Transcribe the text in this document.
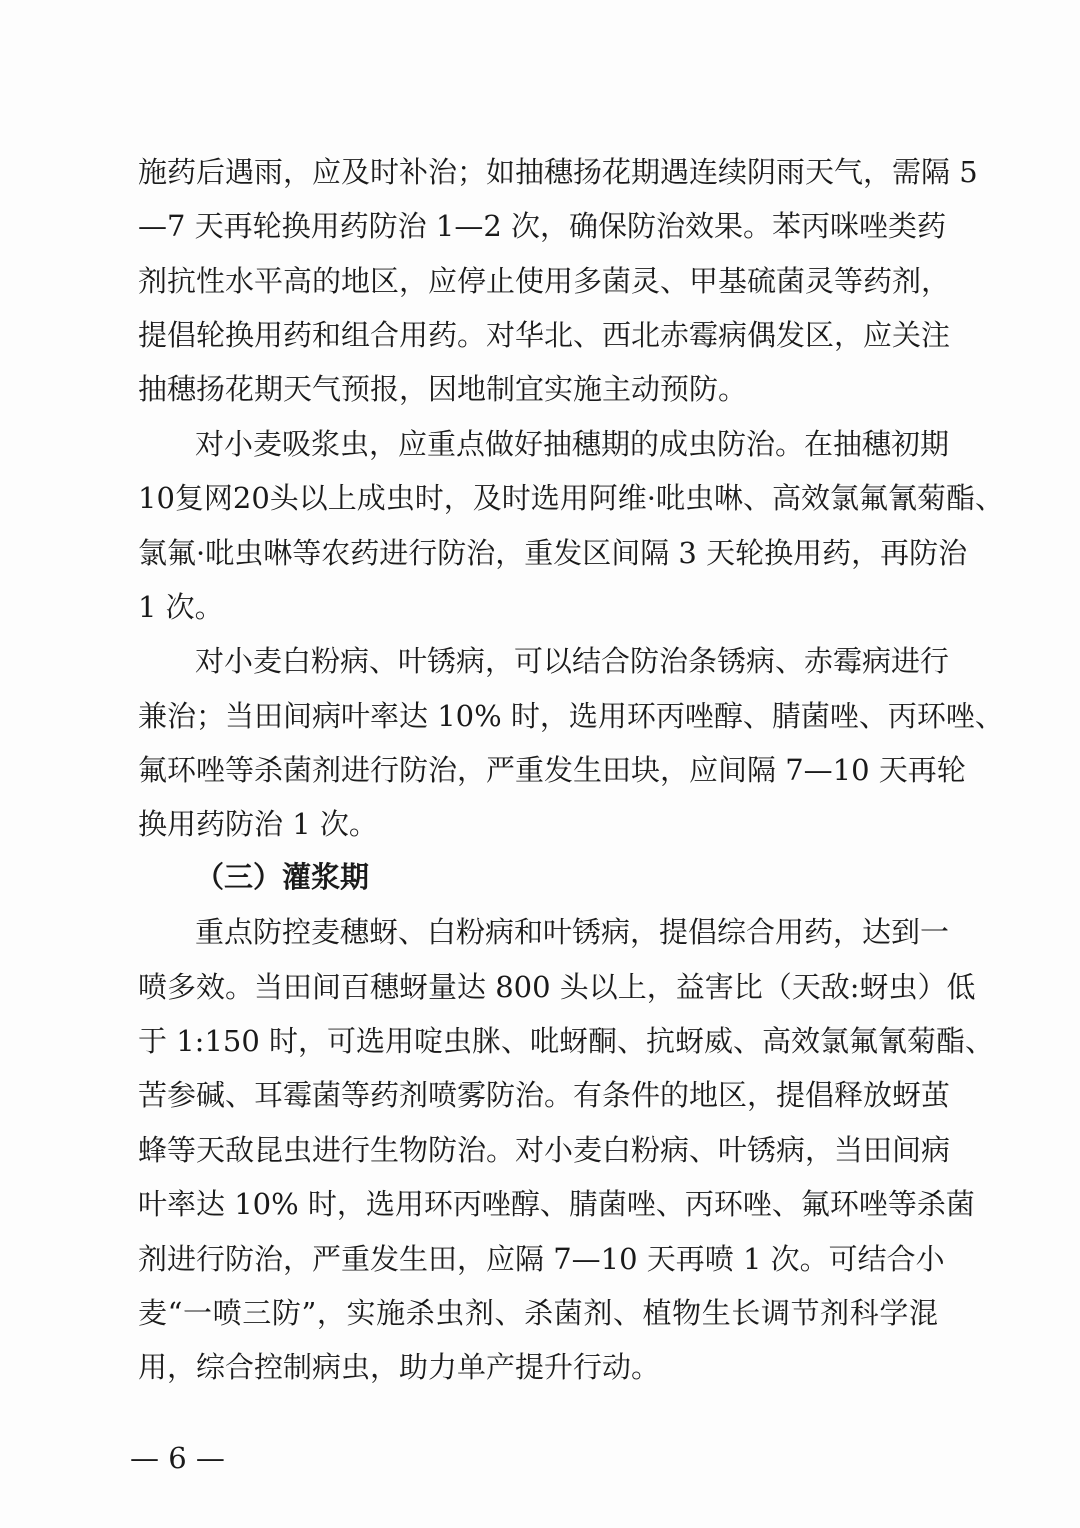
施药后遇雨，应及时补治；如抽穗扬花期遇连续阴雨天气，需隔 5
—7 天再轮换用药防治 1—2 次，确保防治效果。苯丙咪唑类药
剂抗性水平高的地区，应停止使用多菌灵、甲基硫菌灵等药剂，
提倡轮换用药和组合用药。对华北、西北赤霉病偶发区，应关注
抽穗扬花期天气预报，因地制宜实施主动预防。
对小麦吸浆虫，应重点做好抽穗期的成虫防治。在抽穗初期
10复网20头以上成虫时，及时选用阿维·吡虫啉、高效氯氟氰菊酯、
氯氟·吡虫啉等农药进行防治，重发区间隔 3 天轮换用药，再防治
1 次。
对小麦白粉病、叶锈病，可以结合防治条锈病、赤霉病进行
兼治；当田间病叶率达 10% 时，选用环丙唑醇、腈菌唑、丙环唑、
氟环唑等杀菌剂进行防治，严重发生田块，应间隔 7—10 天再轮
换用药防治 1 次。
（三）灌浆期
重点防控麦穗蚜、白粉病和叶锈病，提倡综合用药，达到一
喷多效。当田间百穗蚜量达 800 头以上，益害比（天敌:蚜虫）低
于 1:150 时，可选用啶虫脒、吡蚜酮、抗蚜威、高效氯氟氰菊酯、
苦参碱、耳霉菌等药剂喷雾防治。有条件的地区，提倡释放蚜茧
蜂等天敌昆虫进行生物防治。对小麦白粉病、叶锈病，当田间病
叶率达 10% 时，选用环丙唑醇、腈菌唑、丙环唑、氟环唑等杀菌
剂进行防治，严重发生田，应隔 7—10 天再喷 1 次。可结合小
麦“一喷三防”，实施杀虫剂、杀菌剂、植物生长调节剂科学混
用，综合控制病虫，助力单产提升行动。
— 6 —
